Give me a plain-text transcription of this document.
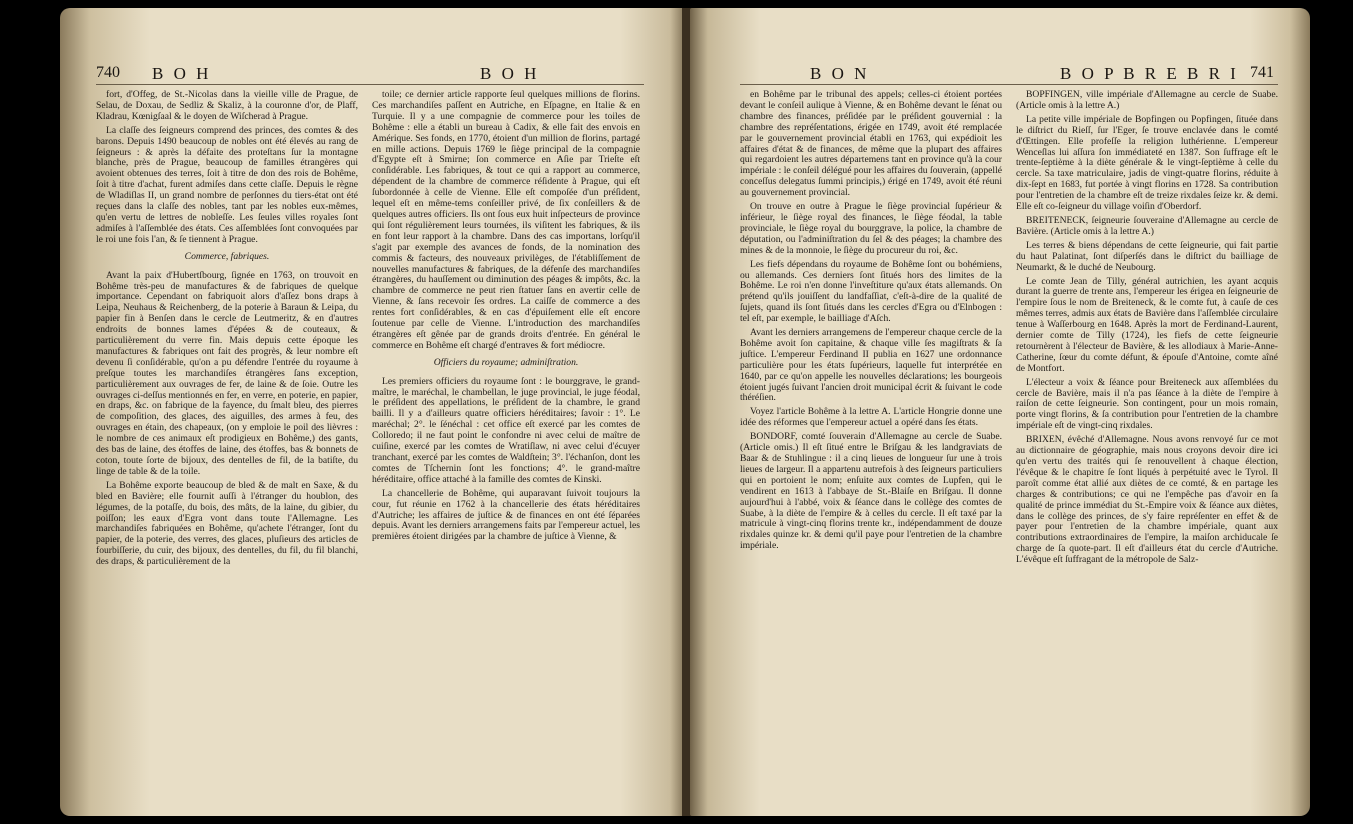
740 B O H	B O H

fort, d'Offeg, de St.-Nicolas dans la vieille ville de Prague, de Selau, de Doxau, de Sedliz & Skaliz, à la couronne d'or, de Plaff, Kladrau, Kœnigſaal & le doyen de Wiſcherad à Prague.

La claſſe des ſeigneurs comprend des princes, des comtes & des barons. Depuis 1490 beaucoup de nobles ont été élevés au rang de ſeigneurs : & après la défaite des proteſtans ſur la montagne blanche, près de Prague, beaucoup de familles étrangères qui avoient obtenues des terres, ſoit à titre de don des rois de Bohême, ſoit à titre d'achat, furent admiſes dans cette claſſe. Depuis le règne de Wladiſlas II, un grand nombre de perſonnes du tiers-état ont été reçues dans la claſſe des nobles, tant par les nobles eux-mêmes, qu'en vertu de lettres de nobleſſe. Les ſeules villes royales ſont admiſes à l'aſſemblée des états. Ces aſſemblées ſont convoquées par le roi une fois l'an, & ſe tiennent à Prague.

Commerce, fabriques.

Avant la paix d'Hubertſbourg, ſignée en 1763, on trouvoit en Bohême très-peu de manufactures & de fabriques de quelque importance. Cependant on fabriquoit alors d'aſſez bons draps à Leipa, Neuhaus & Reichenberg, de la poterie à Baraun & Leipa, du papier fin à Benſen dans le cercle de Leutmeritz, & en d'autres endroits de bonnes lames d'épées & de couteaux, & particulièrement du verre fin. Mais depuis cette époque les manufactures & fabriques ont fait des progrès, & leur nombre eſt devenu ſi conſidérable, qu'on a pu défendre l'entrée du royaume à preſque toutes les marchandiſes étrangères ſans exception, particulièrement aux ouvrages de fer, de laine & de ſoie. Outre les ouvrages ci-deſſus mentionnés en fer, en verre, en poterie, en papier, en draps, &c. on fabrique de la fayence, du ſmalt bleu, des pierres de compoſition, des glaces, des aiguilles, des armes à feu, des ouvrages en étain, des chapeaux, (on y emploie le poil des lièvres : le nombre de ces animaux eſt prodigieux en Bohême,) des gants, des bas de laine, des étoffes de laine, des étoffes, bas & bonnets de coton, toute ſorte de bijoux, des dentelles de fil, de la batiſte, du linge de table & de la toile.

La Bohême exporte beaucoup de bled & de malt en Saxe, & du bled en Bavière; elle fournit auſſi à l'étranger du houblon, des légumes, de la potaſſe, du bois, des mâts, de la laine, du gibier, du poiſſon; les eaux d'Egra vont dans toute l'Allemagne. Les marchandiſes fabriquées en Bohême, qu'achete l'étranger, ſont du papier, de la poterie, des verres, des glaces, pluſieurs des articles de fourbiſſerie, du cuir, des bijoux, des dentelles, du fil, du fil blanchi, des draps, & particulièrement de la

toile; ce dernier article rapporte ſeul quelques millions de florins. Ces marchandiſes paſſent en Autriche, en Eſpagne, en Italie & en Turquie. Il y a une compagnie de commerce pour les toiles de Bohême : elle a établi un bureau à Cadix, & elle fait des envois en Amérique. Ses fonds, en 1770, étoient d'un million de florins, partagé en mille actions. Depuis 1769 le ſiège principal de la compagnie d'Egypte eſt à Smirne; ſon commerce en Aſie par Trieſte eſt conſidérable. Les fabriques, & tout ce qui a rapport au commerce, dépendent de la chambre de commerce réſidente à Prague, qui eſt ſubordonnée à celle de Vienne. Elle eſt compoſée d'un préſident, lequel eſt en même-tems conſeiller privé, de ſix conſeillers & de quelques autres officiers. Ils ont ſous eux huit inſpecteurs de province qui ſont régulièrement leurs tournées, ils viſitent les fabriques, & ils en font leur rapport à la chambre. Dans des cas importans, lorſqu'il s'agit par exemple des avances de fonds, de la nomination des commis & facteurs, des nouveaux privilèges, de l'établiſſement de nouvelles manufactures & fabriques, de la défenſe des marchandiſes étrangères, du hauſſement ou diminution des péages & impôts, &c. la chambre de commerce ne peut rien ſtatuer ſans en avertir celle de Vienne, & ſans recevoir ſes ordres. La caiſſe de commerce a des rentes fort conſidérables, & en cas d'épuiſement elle eſt encore ſoutenue par celle de Vienne. L'introduction des marchandiſes étrangères eſt gênée par de grands droits d'entrée. En général le commerce en Bohême eſt chargé d'entraves & fort médiocre.

Officiers du royaume; adminiſtration.

Les premiers officiers du royaume ſont : le bourggrave, le grand-maître, le maréchal, le chambellan, le juge provincial, le juge féodal, le préſident des appellations, le préſident de la chambre, le grand bailli. Il y a d'ailleurs quatre officiers héréditaires; ſavoir : 1°. Le maréchal; 2°. le ſénéchal : cet office eſt exercé par les comtes de Colloredo; il ne faut point le confondre ni avec celui de maître de cuiſine, exercé par les comtes de Wratiſlaw, ni avec celui d'écuyer tranchant, exercé par les comtes de Waldſtein; 3°. l'échanſon, dont les comtes de Tſchernin ſont les fonctions; 4°. le grand-maître héréditaire, office attaché à la famille des comtes de Kinski.

La chancellerie de Bohême, qui auparavant ſuivoit toujours la cour, fut réunie en 1762 à la chancellerie des états héréditaires d'Autriche; les affaires de juſtice & de finances en ont été ſéparées depuis. Avant les derniers arrangemens faits par l'empereur actuel, les premières étoient dirigées par la chambre de juſtice à Vienne, &

B O N	B O P B R E B R I 741

en Bohême par le tribunal des appels; celles-ci étoient portées devant le conſeil aulique à Vienne, & en Bohême devant le ſénat ou chambre des finances, préſidée par le préſident gouvernial : la chambre des repréſentations, érigée en 1749, avoit été remplacée par le gouvernement provincial établi en 1763, qui expédioit les affaires d'état & de finances, de même que la plupart des affaires qui regardoient les autres départemens tant en province qu'à la cour impériale : le conſeil délégué pour les affaires du ſouverain, (appellé conceſſus delegatus ſummi principis,) érigé en 1749, avoit été réuni au gouvernement provincial.

On trouve en outre à Prague le ſiège provincial ſupérieur & inférieur, le ſiège royal des finances, le ſiège féodal, la table provinciale, le ſiège royal du bourggrave, la police, la chambre de députation, ou l'adminiſtration du ſel & des péages; la chambre des mines & de la monnoie, le ſiège du procureur du roi, &c.

Les fiefs dépendans du royaume de Bohême ſont ou bohémiens, ou allemands. Ces derniers ſont ſitués hors des limites de la Bohême. Le roi n'en donne l'inveſtiture qu'aux états allemands. On prétend qu'ils jouiſſent du landfaſſiat, c'eſt-à-dire de la qualité de ſujets, quand ils ſont ſitués dans les cercles d'Egra ou d'Elnbogen : tel eſt, par exemple, le bailliage d'Aſch.

Avant les derniers arrangemens de l'empereur chaque cercle de la Bohême avoit ſon capitaine, & chaque ville ſes magiſtrats & ſa juſtice. L'empereur Ferdinand II publia en 1627 une ordonnance particulière pour les états ſupérieurs, laquelle fut interprétée en 1640, par ce qu'on appelle les nouvelles déclarations; les bourgeois étoient jugés ſuivant l'ancien droit municipal écrit & ſuivant le code théréſien.

Voyez l'article Bohême à la lettre A. L'article Hongrie donne une idée des réformes que l'empereur actuel a opéré dans ſes états.

BONDORF, comté ſouverain d'Allemagne au cercle de Suabe. (Article omis.) Il eſt ſitué entre le Briſgau & les landgraviats de Baar & de Stuhlingue : il a cinq lieues de longueur ſur une à trois lieues de largeur. Il a appartenu autrefois à des ſeigneurs particuliers qui en portoient le nom; enſuite aux comtes de Lupfen, qui le vendirent en 1613 à l'abbaye de St.-Blaiſe en Briſgau. Il donne aujourd'hui à l'abbé, voix & ſéance dans le collège des comtes de Suabe, à la diète de l'empire & à celles du cercle. Il eſt taxé par la matricule à vingt-cinq florins trente kr., indépendamment de douze rixdales quinze kr. & demi qu'il paye pour l'entretien de la chambre impériale.

BOPFINGEN, ville impériale d'Allemagne au cercle de Suabe. (Article omis à la lettre A.)

La petite ville impériale de Bopfingen ou Popfingen, ſituée dans le diſtrict du Rieſſ, ſur l'Eger, ſe trouve enclavée dans le comté d'Œttingen. Elle profeſſe la religion luthérienne. L'empereur Wenceſlas lui aſſura ſon immédiateté en 1387. Son ſuffrage eſt le trente-ſeptième à la diète générale & le vingt-ſeptième à celle du cercle. Sa taxe matriculaire, jadis de vingt-quatre florins, réduite à dix-ſept en 1683, fut portée à vingt florins en 1728. Sa contribution pour l'entretien de la chambre eſt de treize rixdales ſeize kr. & demi. Elle eſt co-ſeigneur du village voiſin d'Oberdorf.

BREITENECK, ſeigneurie ſouveraine d'Allemagne au cercle de Bavière. (Article omis à la lettre A.)

Les terres & biens dépendans de cette ſeigneurie, qui fait partie du haut Palatinat, ſont diſperſés dans le diſtrict du bailliage de Neumarkt, & le duché de Neubourg.

Le comte Jean de Tilly, général autrichien, les ayant acquis durant la guerre de trente ans, l'empereur les érigea en ſeigneurie de l'empire ſous le nom de Breiteneck, & le comte fut, à cauſe de ces mêmes terres, admis aux états de Bavière dans l'aſſemblée circulaire tenue à Waſſerbourg en 1648. Après la mort de Ferdinand-Laurent, dernier comte de Tilly (1724), les fiefs de cette ſeigneurie retournèrent à l'électeur de Bavière, & les allodiaux à Marie-Anne-Catherine, ſœur du comte défunt, & épouſe d'Antoine, comte aîné de Montfort.

L'électeur a voix & ſéance pour Breiteneck aux aſſemblées du cercle de Bavière, mais il n'a pas ſéance à la diète de l'empire à raiſon de cette ſeigneurie. Son contingent, pour un mois romain, porte vingt florins, & ſa contribution pour l'entretien de la chambre impériale eſt de vingt-cinq rixdales.

BRIXEN, évêché d'Allemagne. Nous avons renvoyé ſur ce mot au dictionnaire de géographie, mais nous croyons devoir dire ici qu'en vertu des traités qui ſe renouvellent à chaque élection, l'évêque & le chapitre ſe ſont liqués à perpétuité avec le Tyrol. Il paroît comme état allié aux diètes de ce comté, & en partage les charges & contributions; ce qui ne l'empêche pas d'avoir en ſa qualité de prince immédiat du St.-Empire voix & ſéance aux diètes, dans le collège des princes, de s'y faire repréſenter en effet & de payer pour l'entretien de la chambre impériale, quant aux contributions extraordinaires de l'empire, la maiſon archiducale ſe charge de ſa quote-part. Il eſt d'ailleurs état du cercle d'Autriche. L'évêque eſt ſuffragant de la métropole de Salz-
